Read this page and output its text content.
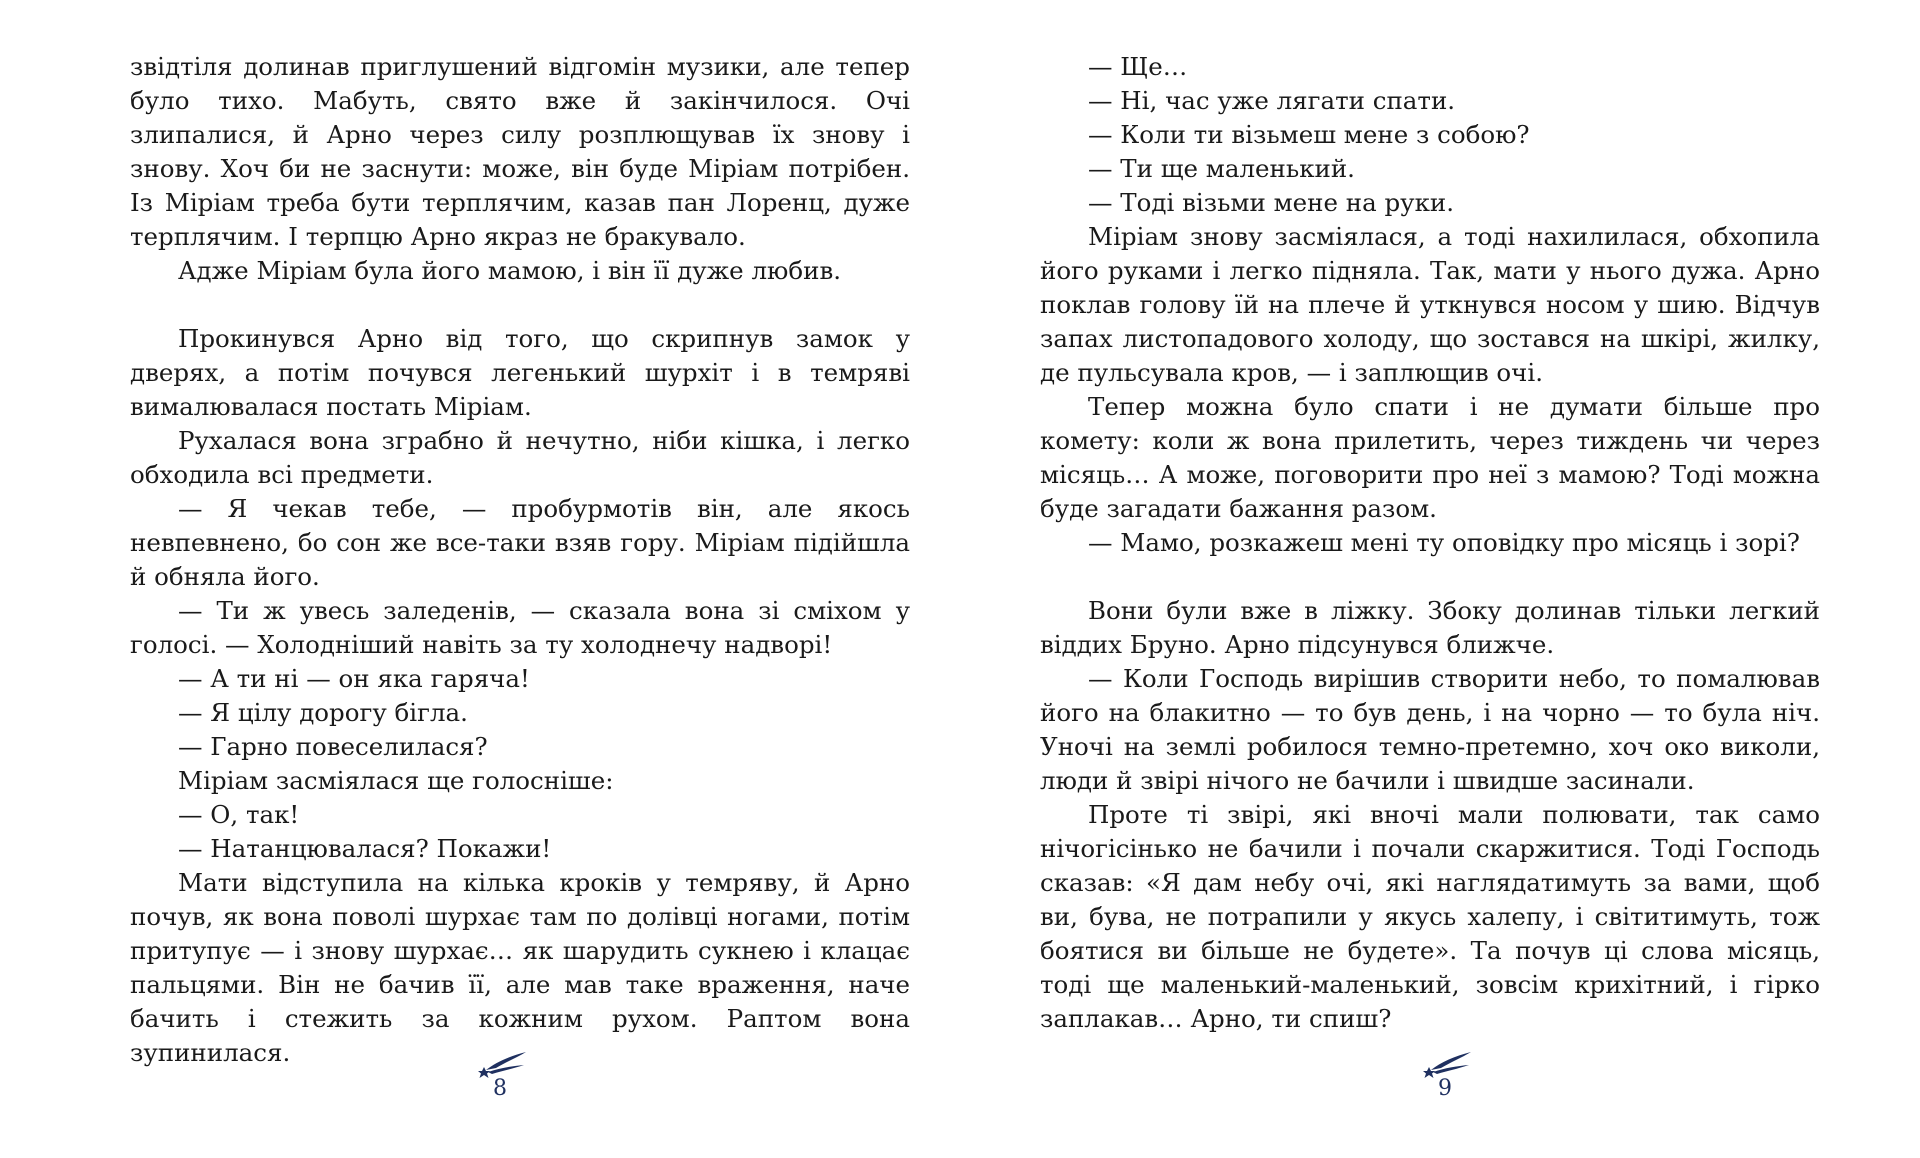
звідтіля долинав приглушений відгомін музики, але тепер було тихо. Мабуть, свято вже й закінчилося. Очі злипалися, й Арно через силу розплющував їх знову і знову. Хоч би не заснути: може, він буде Міріам потрібен. Із Міріам треба бути терплячим, казав пан Лоренц, дуже терплячим. І терпцю Арно якраз не бракувало.

Адже Міріам була його мамою, і він її дуже любив.

Прокинувся Арно від того, що скрипнув замок у дверях, а потім почувся легенький шурхіт і в темряві вималювалася постать Міріам.

Рухалася вона зграбно й нечутно, ніби кішка, і легко обходила всі предмети.

— Я чекав тебе, — пробурмотів він, але якось невпевнено, бо сон же все-таки взяв гору. Міріам підійшла й обняла його.

— Ти ж увесь заледенів, — сказала вона зі сміхом у голосі. — Холодніший навіть за ту холоднечу надворі!

— А ти ні — он яка гаряча!

— Я цілу дорогу бігла.

— Гарно повеселилася?

Міріам засміялася ще голосніше:

— О, так!

— Натанцювалася? Покажи!

Мати відступила на кілька кроків у темряву, й Арно почув, як вона поволі шурхає там по долівці ногами, потім притупує — і знову шурхає… як шарудить сукнею і клацає пальцями. Він не бачив її, але мав таке враження, наче бачить і стежить за кожним рухом. Раптом вона зупинилася.

— Ще…

— Ні, час уже лягати спати.

— Коли ти візьмеш мене з собою?

— Ти ще маленький.

— Тоді візьми мене на руки.

Міріам знову засміялася, а тоді нахилилася, обхопила його руками і легко підняла. Так, мати у нього дужа. Арно поклав голову їй на плече й уткнувся носом у шию. Відчув запах листопадового холоду, що зостався на шкірі, жилку, де пульсувала кров, — і заплющив очі.

Тепер можна було спати і не думати більше про комету: коли ж вона прилетить, через тиждень чи через місяць… А може, поговорити про неї з мамою? Тоді можна буде загадати бажання разом.

— Мамо, розкажеш мені ту оповідку про місяць і зорі?

Вони були вже в ліжку. Збоку долинав тільки легкий віддих Бруно. Арно підсунувся ближче.

— Коли Господь вирішив створити небо, то помалював його на блакитно — то був день, і на чорно — то була ніч. Уночі на землі робилося темно-претемно, хоч око виколи, люди й звірі нічого не бачили і швидше засинали.

Проте ті звірі, які вночі мали полювати, так само нічогісінько не бачили і почали скаржитися. Тоді Господь сказав: «Я дам небу очі, які наглядатимуть за вами, щоб ви, бува, не потрапили у якусь халепу, і світитимуть, тож боятися ви більше не будете». Та почув ці слова місяць, тоді ще маленький-маленький, зовсім крихітний, і гірко заплакав… Арно, ти спиш?

8	9
